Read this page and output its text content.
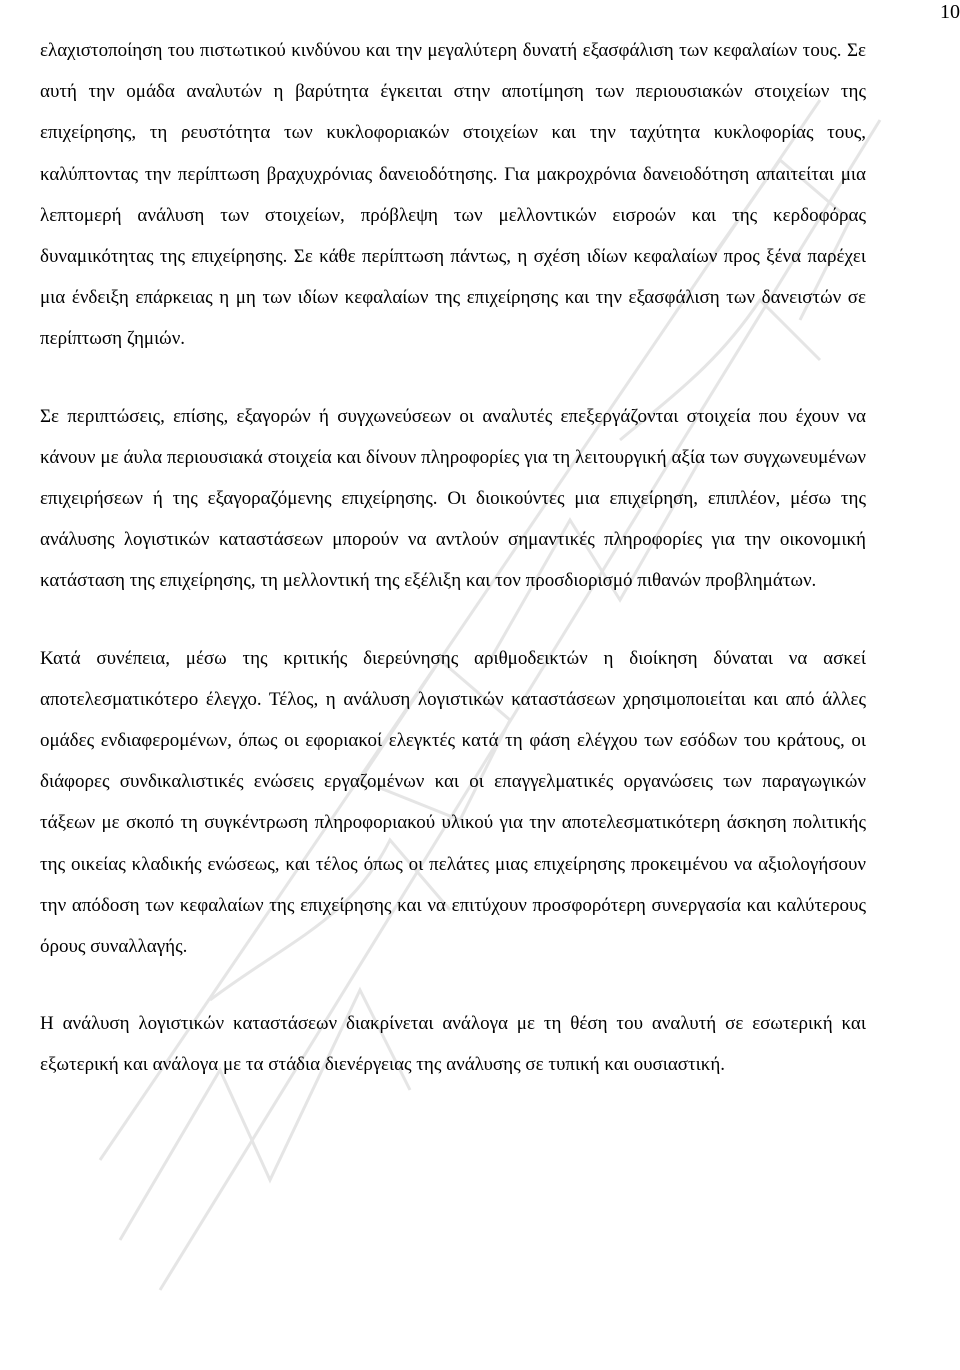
10

ελαχιστοποίηση του πιστωτικού κινδύνου και την μεγαλύτερη δυνατή εξασφάλιση των κεφαλαίων τους. Σε αυτή την ομάδα αναλυτών η βαρύτητα έγκειται στην αποτίμηση των περιουσιακών στοιχείων της επιχείρησης, τη ρευστότητα των κυκλοφοριακών στοιχείων και την ταχύτητα κυκλοφορίας τους, καλύπτοντας την περίπτωση βραχυχρόνιας δανειοδότησης. Για μακροχρόνια δανειοδότηση απαιτείται μια λεπτομερή ανάλυση των στοιχείων, πρόβλεψη των μελλοντικών εισροών και της κερδοφόρας δυναμικότητας της επιχείρησης. Σε κάθε περίπτωση πάντως, η σχέση ιδίων κεφαλαίων προς ξένα παρέχει μια ένδειξη επάρκειας η μη των ιδίων κεφαλαίων της επιχείρησης και την εξασφάλιση των δανειστών σε περίπτωση ζημιών.

Σε περιπτώσεις, επίσης, εξαγορών ή συγχωνεύσεων οι αναλυτές επεξεργάζονται στοιχεία που έχουν να κάνουν με άυλα περιουσιακά στοιχεία και δίνουν πληροφορίες για τη λειτουργική αξία των συγχωνευμένων επιχειρήσεων ή της εξαγοραζόμενης επιχείρησης. Οι διοικούντες μια επιχείρηση, επιπλέον, μέσω της ανάλυσης λογιστικών καταστάσεων μπορούν να αντλούν σημαντικές πληροφορίες για την οικονομική κατάσταση της επιχείρησης, τη μελλοντική της εξέλιξη και τον προσδιορισμό πιθανών προβλημάτων.

Κατά συνέπεια, μέσω της κριτικής διερεύνησης αριθμοδεικτών η διοίκηση δύναται να ασκεί αποτελεσματικότερο έλεγχο. Τέλος, η ανάλυση λογιστικών καταστάσεων χρησιμοποιείται και από άλλες ομάδες ενδιαφερομένων, όπως οι εφοριακοί ελεγκτές κατά τη φάση ελέγχου των εσόδων του κράτους, οι διάφορες συνδικαλιστικές ενώσεις εργαζομένων και οι επαγγελματικές οργανώσεις των παραγωγικών τάξεων με σκοπό τη συγκέντρωση πληροφοριακού υλικού για την αποτελεσματικότερη άσκηση πολιτικής της οικείας κλαδικής ενώσεως, και τέλος όπως οι πελάτες μιας επιχείρησης προκειμένου να αξιολογήσουν την απόδοση των κεφαλαίων της επιχείρησης και να επιτύχουν προσφορότερη συνεργασία και καλύτερους όρους συναλλαγής.

Η ανάλυση λογιστικών καταστάσεων διακρίνεται ανάλογα με τη θέση του αναλυτή σε εσωτερική και εξωτερική και ανάλογα με τα στάδια διενέργειας της ανάλυσης σε τυπική και ουσιαστική.
